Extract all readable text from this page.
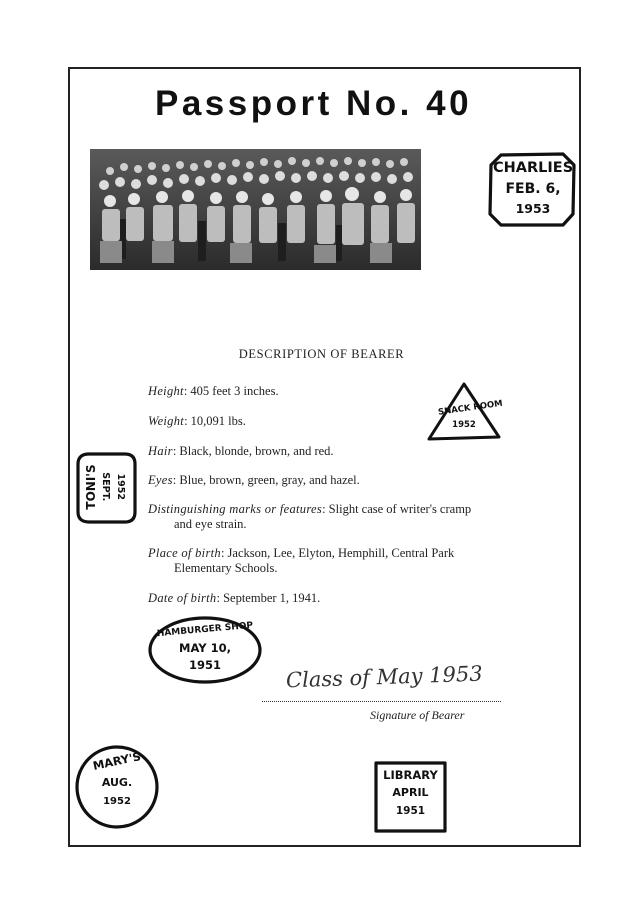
Passport No. 40
CHARLIES
FEB. 6,
1953
SNACK ROOM
1952
TONI'S SEPT. 1952
HAMBURGER SHOP
MAY 10,
1951
MARY'S
AUG.
1952
LIBRARY
APRIL
1951
DESCRIPTION OF BEARER
Height: 405 feet 3 inches.
Weight: 10,091 lbs.
Hair: Black, blonde, brown, and red.
Eyes: Blue, brown, green, gray, and hazel.
Distinguishing marks or features: Slight case of writer's cramp
and eye strain.
Place of birth: Jackson, Lee, Elyton, Hemphill, Central Park
Elementary Schools.
Date of birth: September 1, 1941.
Class of May 1953
Signature of Bearer
